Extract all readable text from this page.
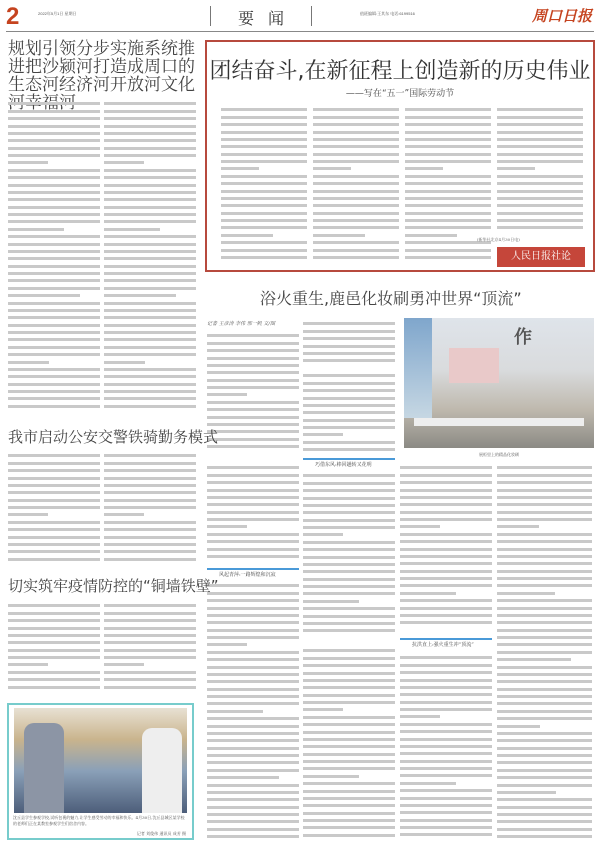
2	2022年5月1日 星期日	要闻	值班编辑:王其东 电话:6199516	周口日报
规划引领分步实施系统推进把沙颍河打造成周口的生态河经济河开放河文化河幸福河
团结奋斗,在新征程上创造新的历史伟业
——写在“五一”国际劳动节
(新华社北京4月30日电)
人民日报社论
浴火重生,鹿邑化妆刷勇冲世界“顶流”
记者 王彦涛 李伟 邢一帆 文/图
作
展柜里上的精品化妆刷
巧借东风:棒回趟转又花明
风起青萍:一路辉煌和沉寂
抗洪直上:强火重生冲“顶流”
我市启动公安交警铁骑勤务模式
切实筑牢疫情防控的“铜墙铁壁”
沈丘县学生参观学校,试听包裹的魅力,让学生感受劳动的幸福和快乐。4月30日,沈丘县城区某学校的老师们正在某教室参观学生们宿舍内容。
记者 刘俊伟 通讯员 成芳 摄
